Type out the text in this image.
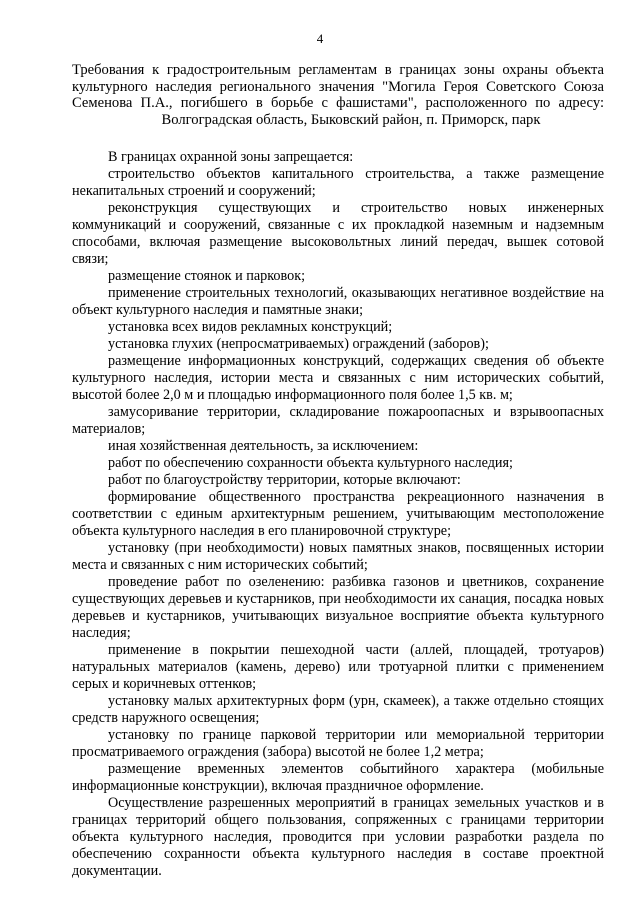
4
Требования к градостроительным регламентам в границах зоны охраны объекта
культурного наследия регионального значения "Могила Героя Советского Союза
Семенова П.А., погибшего в борьбе с фашистами", расположенного по адресу:
Волгоградская область, Быковский район, п. Приморск, парк

В границах охранной зоны запрещается:

строительство объектов капитального строительства, а также размещение некапитальных строений и сооружений;

реконструкция существующих и строительство новых инженерных коммуникаций и сооружений, связанные с их прокладкой наземным и надземным способами, включая размещение высоковольтных линий передач, вышек сотовой связи;

размещение стоянок и парковок;

применение строительных технологий, оказывающих негативное воздействие на объект культурного наследия и памятные знаки;

установка всех видов рекламных конструкций;

установка глухих (непросматриваемых) ограждений (заборов);

размещение информационных конструкций, содержащих сведения об объекте культурного наследия, истории места и связанных с ним исторических событий, высотой более 2,0 м и площадью информационного поля более 1,5 кв. м;

замусоривание территории, складирование пожароопасных и взрывоопасных материалов;

иная хозяйственная деятельность, за исключением:

работ по обеспечению сохранности объекта культурного наследия;

работ по благоустройству территории, которые включают:

формирование общественного пространства рекреационного назначения в соответствии с единым архитектурным решением, учитывающим местоположение объекта культурного наследия в его планировочной структуре;

установку (при необходимости) новых памятных знаков, посвященных истории места и связанных с ним исторических событий;

проведение работ по озеленению: разбивка газонов и цветников, сохранение существующих деревьев и кустарников, при необходимости их санация, посадка новых деревьев и кустарников, учитывающих визуальное восприятие объекта культурного наследия;

применение в покрытии пешеходной части (аллей, площадей, тротуаров) натуральных материалов (камень, дерево) или тротуарной плитки с применением серых и коричневых оттенков;

установку малых архитектурных форм (урн, скамеек), а также отдельно стоящих средств наружного освещения;

установку по границе парковой территории или мемориальной территории просматриваемого ограждения (забора) высотой не более 1,2 метра;

размещение временных элементов событийного характера (мобильные информационные конструкции), включая праздничное оформление.

Осуществление разрешенных мероприятий в границах земельных участков и в границах территорий общего пользования, сопряженных с границами территории объекта культурного наследия, проводится при условии разработки раздела по обеспечению сохранности объекта культурного наследия в составе проектной документации.
